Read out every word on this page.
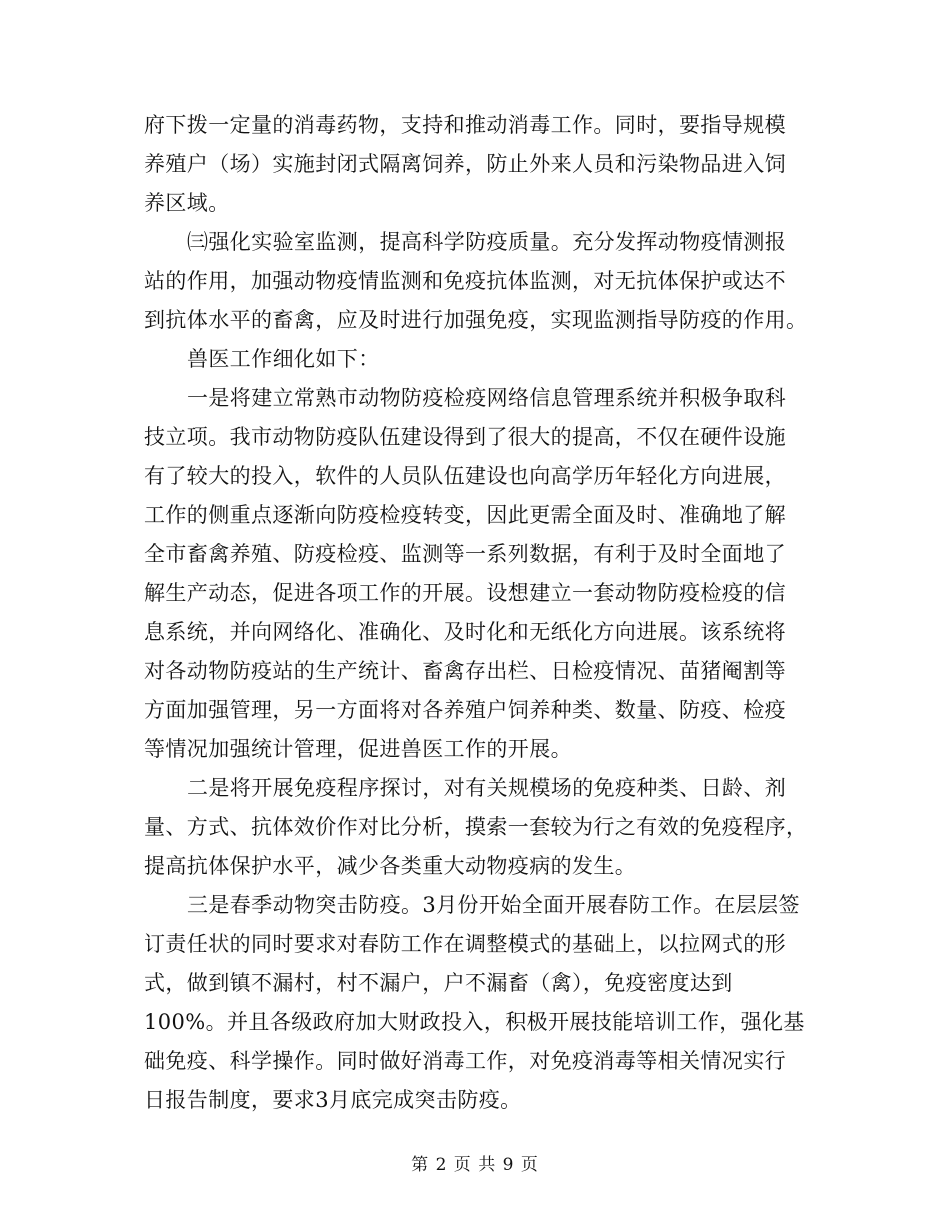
府下拨一定量的消毒药物，支持和推动消毒工作。同时，要指导规模
养殖户（场）实施封闭式隔离饲养，防止外来人员和污染物品进入饲
养区域。
㈢强化实验室监测，提高科学防疫质量。充分发挥动物疫情测报
站的作用，加强动物疫情监测和免疫抗体监测，对无抗体保护或达不
到抗体水平的畜禽，应及时进行加强免疫，实现监测指导防疫的作用。
兽医工作细化如下：
一是将建立常熟市动物防疫检疫网络信息管理系统并积极争取科
技立项。我市动物防疫队伍建设得到了很大的提高，不仅在硬件设施
有了较大的投入，软件的人员队伍建设也向高学历年轻化方向进展，
工作的侧重点逐渐向防疫检疫转变，因此更需全面及时、准确地了解
全市畜禽养殖、防疫检疫、监测等一系列数据，有利于及时全面地了
解生产动态，促进各项工作的开展。设想建立一套动物防疫检疫的信
息系统，并向网络化、准确化、及时化和无纸化方向进展。该系统将
对各动物防疫站的生产统计、畜禽存出栏、日检疫情况、苗猪阉割等
方面加强管理，另一方面将对各养殖户饲养种类、数量、防疫、检疫
等情况加强统计管理，促进兽医工作的开展。
二是将开展免疫程序探讨，对有关规模场的免疫种类、日龄、剂
量、方式、抗体效价作对比分析，摸索一套较为行之有效的免疫程序，
提高抗体保护水平，减少各类重大动物疫病的发生。
三是春季动物突击防疫。3月份开始全面开展春防工作。在层层签
订责任状的同时要求对春防工作在调整模式的基础上，以拉网式的形
式，做到镇不漏村，村不漏户，户不漏畜（禽），免疫密度达到
100%。并且各级政府加大财政投入，积极开展技能培训工作，强化基
础免疫、科学操作。同时做好消毒工作，对免疫消毒等相关情况实行
日报告制度，要求3月底完成突击防疫。
第 2 页 共 9 页
